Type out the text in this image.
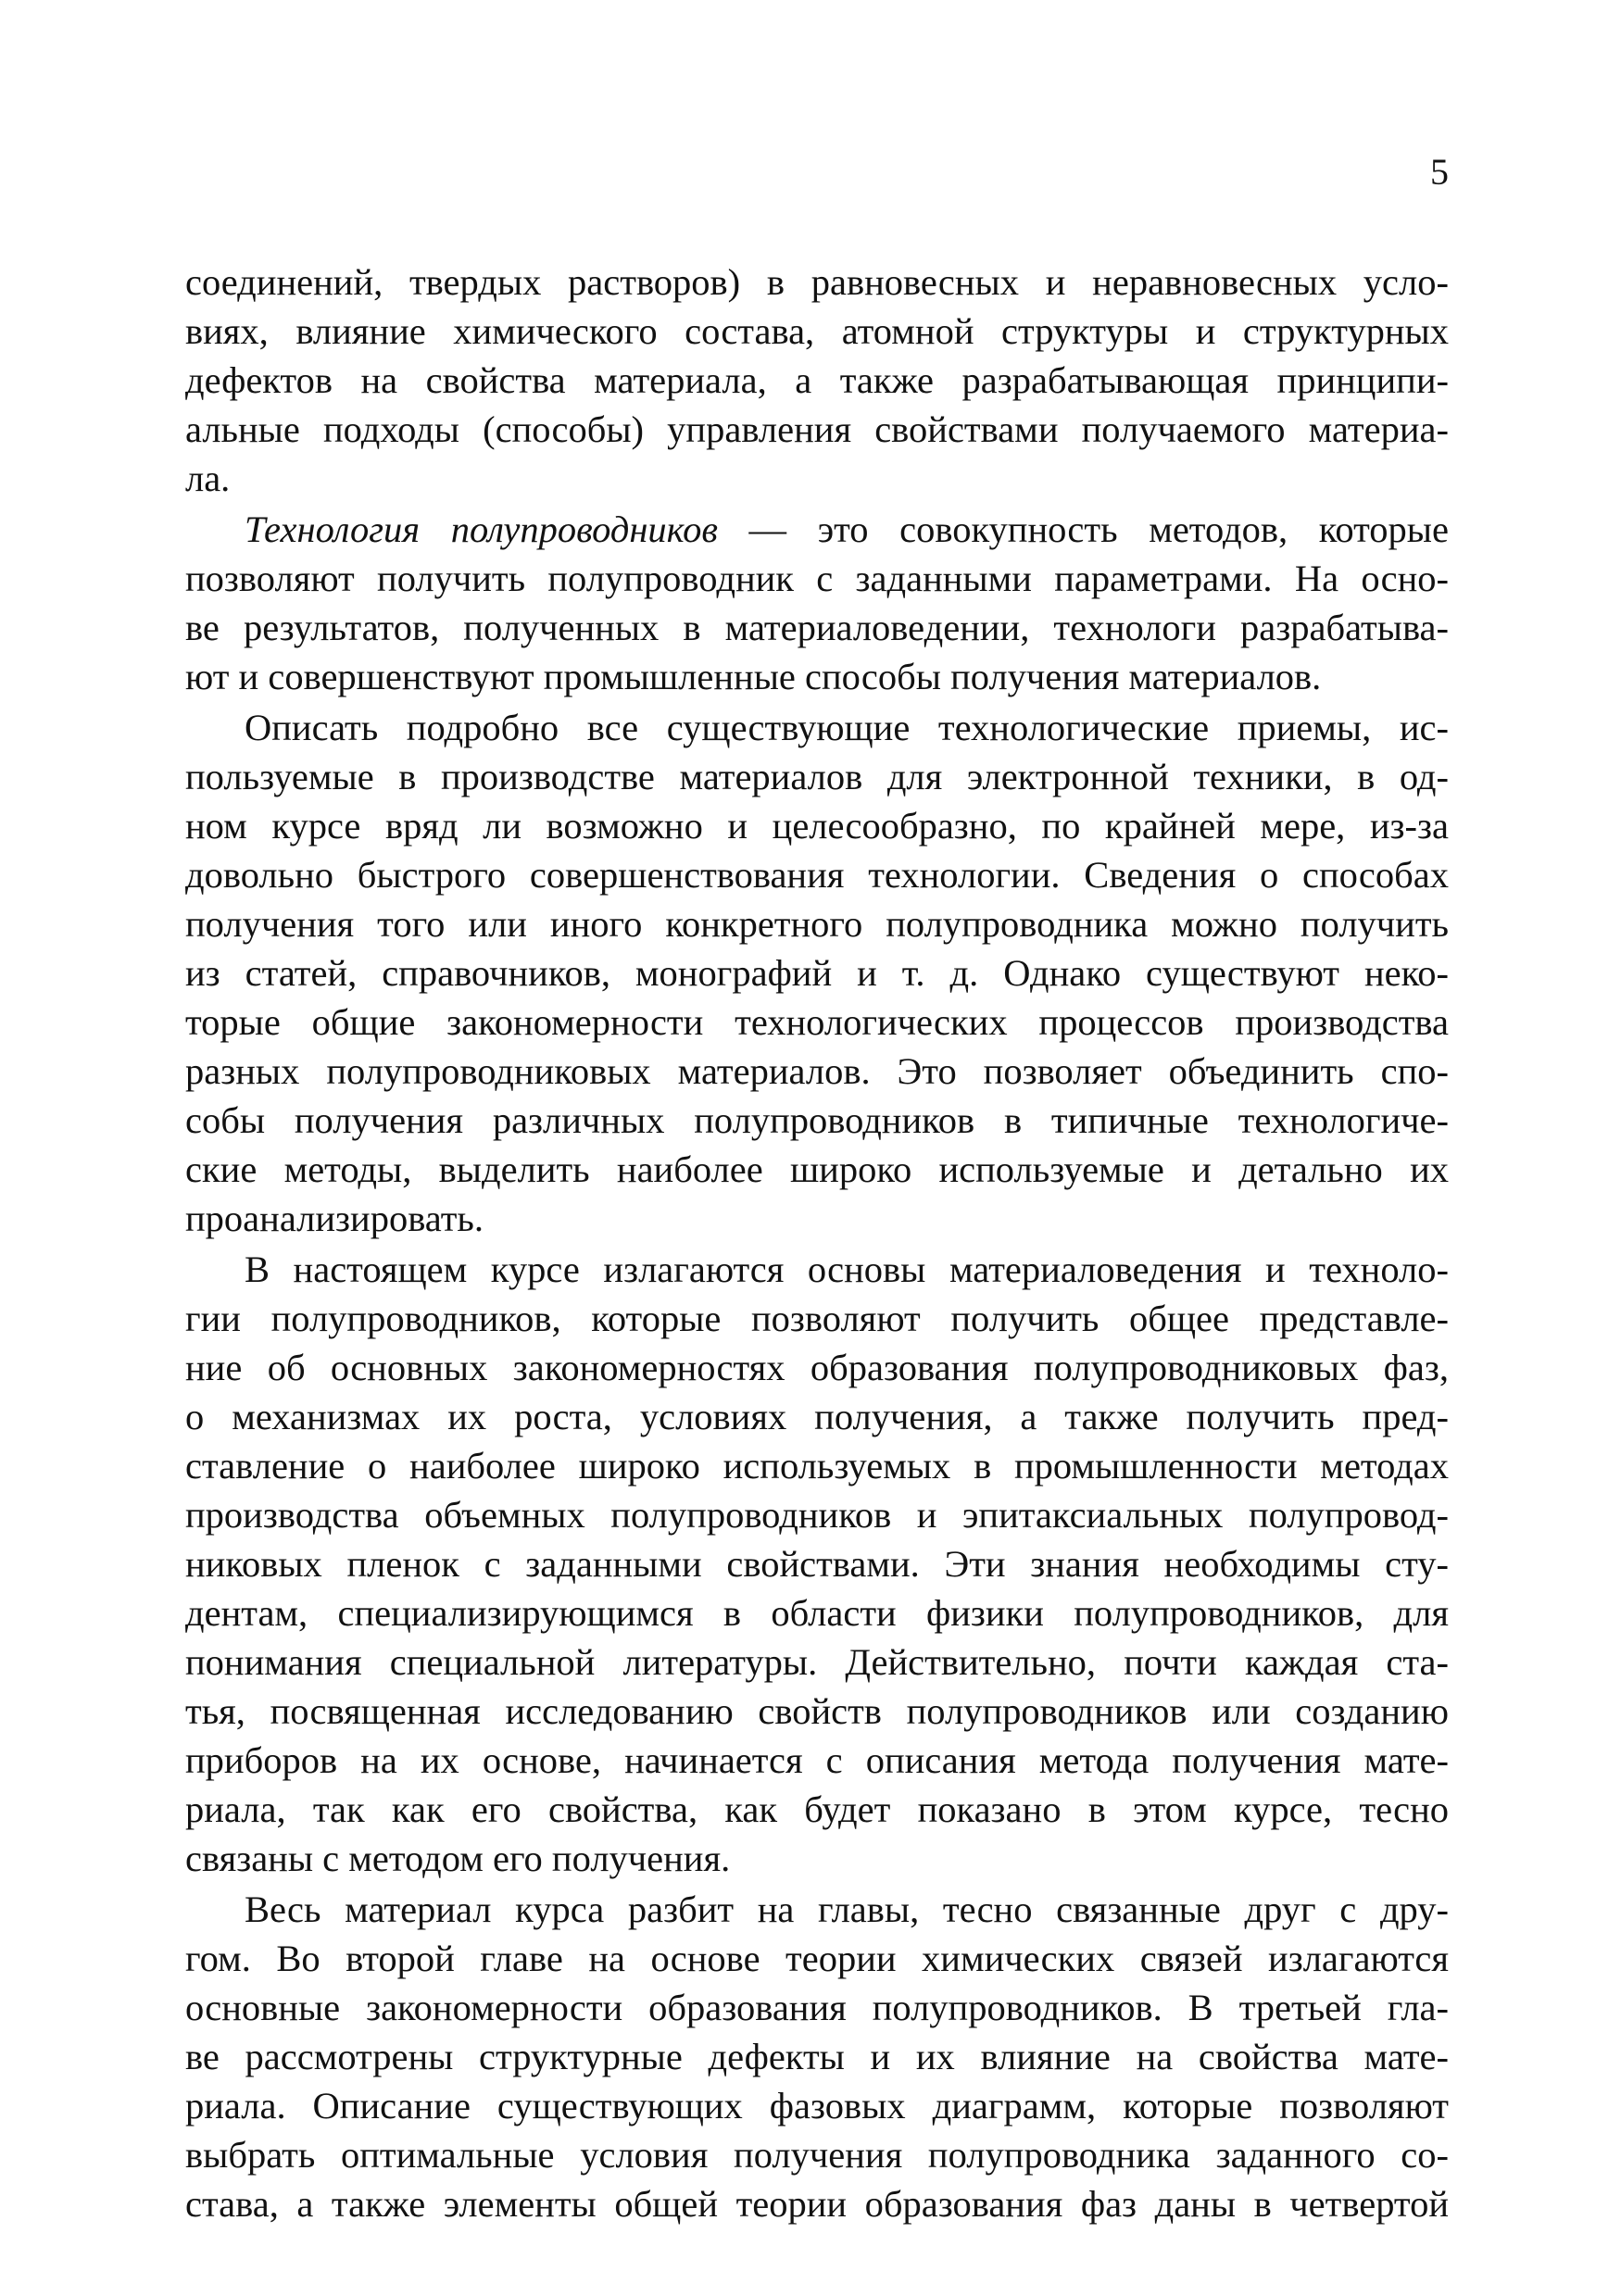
5
соединений, твердых растворов) в равновесных и неравновесных усло-
виях, влияние химического состава, атомной структуры и структурных
дефектов на свойства материала, а также разрабатывающая принципи-
альные подходы (способы) управления свойствами получаемого материа-
ла.
Технология полупроводников — это совокупность методов, которые
позволяют получить полупроводник с заданными параметрами. На осно-
ве результатов, полученных в материаловедении, технологи разрабатыва-
ют и совершенствуют промышленные способы получения материалов.
Описать подробно все существующие технологические приемы, ис-
пользуемые в производстве материалов для электронной техники, в од-
ном курсе вряд ли возможно и целесообразно, по крайней мере, из-за
довольно быстрого совершенствования технологии. Сведения о способах
получения того или иного конкретного полупроводника можно получить
из статей, справочников, монографий и т. д. Однако существуют неко-
торые общие закономерности технологических процессов производства
разных полупроводниковых материалов. Это позволяет объединить спо-
собы получения различных полупроводников в типичные технологиче-
ские методы, выделить наиболее широко используемые и детально их
проанализировать.
В настоящем курсе излагаются основы материаловедения и техноло-
гии полупроводников, которые позволяют получить общее представле-
ние об основных закономерностях образования полупроводниковых фаз,
о механизмах их роста, условиях получения, а также получить пред-
ставление о наиболее широко используемых в промышленности методах
производства объемных полупроводников и эпитаксиальных полупровод-
никовых пленок с заданными свойствами. Эти знания необходимы сту-
дентам, специализирующимся в области физики полупроводников, для
понимания специальной литературы. Действительно, почти каждая ста-
тья, посвященная исследованию свойств полупроводников или созданию
приборов на их основе, начинается с описания метода получения мате-
риала, так как его свойства, как будет показано в этом курсе, тесно
связаны с методом его получения.
Весь материал курса разбит на главы, тесно связанные друг с дру-
гом. Во второй главе на основе теории химических связей излагаются
основные закономерности образования полупроводников. В третьей гла-
ве рассмотрены структурные дефекты и их влияние на свойства мате-
риала. Описание существующих фазовых диаграмм, которые позволяют
выбрать оптимальные условия получения полупроводника заданного со-
става, а также элементы общей теории образования фаз даны в четвертой
